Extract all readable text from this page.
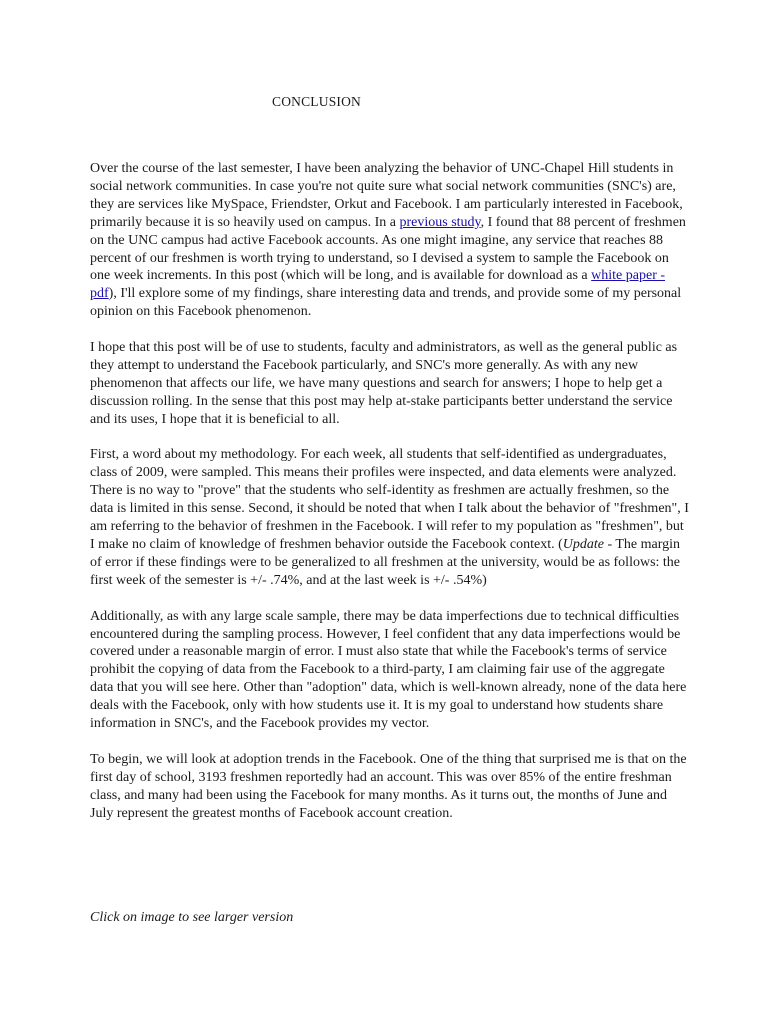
CONCLUSION

Over the course of the last semester, I have been analyzing the behavior of UNC-Chapel Hill students in social network communities. In case you're not quite sure what social network communities (SNC's) are, they are services like MySpace, Friendster, Orkut and Facebook. I am particularly interested in Facebook, primarily because it is so heavily used on campus. In a previous study, I found that 88 percent of freshmen on the UNC campus had active Facebook accounts. As one might imagine, any service that reaches 88 percent of our freshmen is worth trying to understand, so I devised a system to sample the Facebook on one week increments. In this post (which will be long, and is available for download as a white paper - pdf), I'll explore some of my findings, share interesting data and trends, and provide some of my personal opinion on this Facebook phenomenon.

I hope that this post will be of use to students, faculty and administrators, as well as the general public as they attempt to understand the Facebook particularly, and SNC's more generally. As with any new phenomenon that affects our life, we have many questions and search for answers; I hope to help get a discussion rolling. In the sense that this post may help at-stake participants better understand the service and its uses, I hope that it is beneficial to all.

First, a word about my methodology. For each week, all students that self-identified as undergraduates, class of 2009, were sampled. This means their profiles were inspected, and data elements were analyzed. There is no way to "prove" that the students who self-identity as freshmen are actually freshmen, so the data is limited in this sense. Second, it should be noted that when I talk about the behavior of "freshmen", I am referring to the behavior of freshmen in the Facebook. I will refer to my population as "freshmen", but I make no claim of knowledge of freshmen behavior outside the Facebook context. (Update - The margin of error if these findings were to be generalized to all freshmen at the university, would be as follows: the first week of the semester is +/- .74%, and at the last week is +/- .54%)

Additionally, as with any large scale sample, there may be data imperfections due to technical difficulties encountered during the sampling process. However, I feel confident that any data imperfections would be covered under a reasonable margin of error. I must also state that while the Facebook's terms of service prohibit the copying of data from the Facebook to a third-party, I am claiming fair use of the aggregate data that you will see here. Other than "adoption" data, which is well-known already, none of the data here deals with the Facebook, only with how students use it. It is my goal to understand how students share information in SNC's, and the Facebook provides my vector.

To begin, we will look at adoption trends in the Facebook. One of the thing that surprised me is that on the first day of school, 3193 freshmen reportedly had an account. This was over 85% of the entire freshman class, and many had been using the Facebook for many months. As it turns out, the months of June and July represent the greatest months of Facebook account creation.

Click on image to see larger version
